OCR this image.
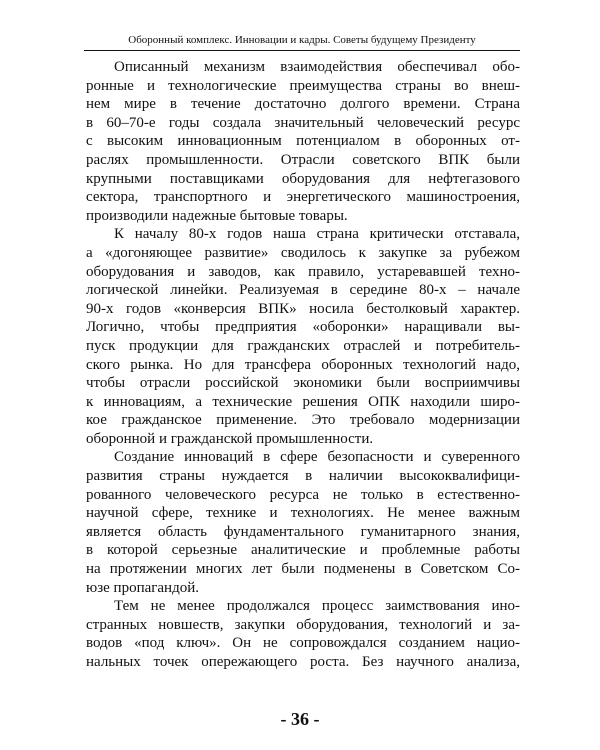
Оборонный комплекс. Инновации и кадры. Советы будущему Президенту
Описанный механизм взаимодействия обеспечивал обо-
ронные и технологические преимущества страны во внеш-
нем мире в течение достаточно долгого времени. Страна
в 60–70-е годы создала значительный человеческий ресурс
с высоким инновационным потенциалом в оборонных от-
раслях промышленности. Отрасли советского ВПК были
крупными поставщиками оборудования для нефтегазового
сектора, транспортного и энергетического машиностроения,
производили надежные бытовые товары.
К началу 80-х годов наша страна критически отставала,
а «догоняющее развитие» сводилось к закупке за рубежом
оборудования и заводов, как правило, устаревавшей техно-
логической линейки. Реализуемая в середине 80-х – начале
90-х годов «конверсия ВПК» носила бестолковый характер.
Логично, чтобы предприятия «оборонки» наращивали вы-
пуск продукции для гражданских отраслей и потребитель-
ского рынка. Но для трансфера оборонных технологий надо,
чтобы отрасли российской экономики были восприимчивы
к инновациям, а технические решения ОПК находили широ-
кое гражданское применение. Это требовало модернизации
оборонной и гражданской промышленности.
Создание инноваций в сфере безопасности и суверенного
развития страны нуждается в наличии высококвалифици-
рованного человеческого ресурса не только в естественно-
научной сфере, технике и технологиях. Не менее важным
является область фундаментального гуманитарного знания,
в которой серьезные аналитические и проблемные работы
на протяжении многих лет были подменены в Советском Со-
юзе пропагандой.
Тем не менее продолжался процесс заимствования ино-
странных новшеств, закупки оборудования, технологий и за-
водов «под ключ». Он не сопровождался созданием нацио-
нальных точек опережающего роста. Без научного анализа,
- 36 -
